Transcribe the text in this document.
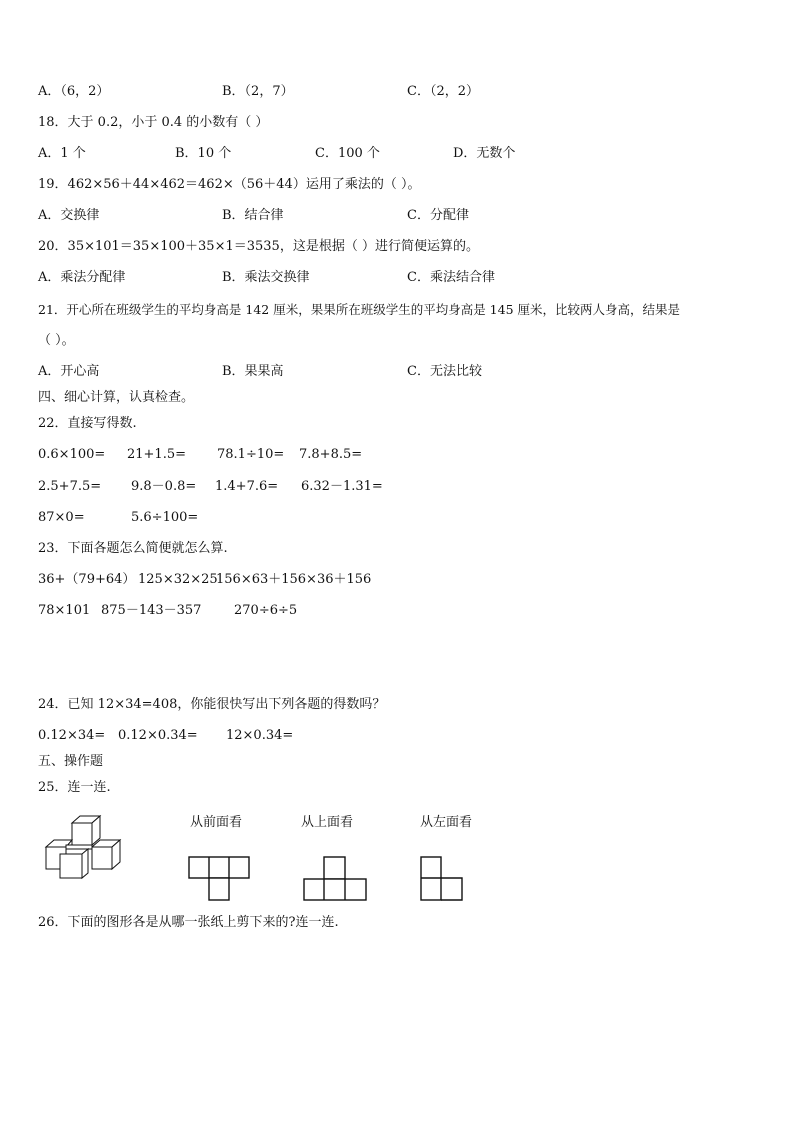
A．（6，2）	B．（2，7）	C．（2，2）
18．大于 0.2，小于 0.4 的小数有（ ）
A．1 个	B．10 个	C．100 个	D．无数个
19．462×56＋44×462＝462×（56＋44）运用了乘法的（ ）。
A．交换律	B．结合律	C．分配律
20．35×101＝35×100＋35×1＝3535，这是根据（ ）进行简便运算的。
A．乘法分配律	B．乘法交换律	C．乘法结合律
21．开心所在班级学生的平均身高是 142 厘米，果果所在班级学生的平均身高是 145 厘米，比较两人身高，结果是
（ ）。
A．开心高	B．果果高	C．无法比较
四、细心计算，认真检查。
22．直接写得数.
0.6×100= 21+1.5= 78.1÷10= 7.8+8.5=
2.5+7.5= 9.8－0.8= 1.4+7.6= 6.32－1.31=
87×0=	5.6÷100=
23．下面各题怎么简便就怎么算.
36+（79+64） 125×32×25
156×63＋156×36＋156
78×101 875－143－357	270÷6÷5
24．已知 12×34=408，你能很快写出下列各题的得数吗？
0.12×34= 0.12×0.34= 12×0.34=
五、操作题
25．连一连.
从前面看	从上面看	从左面看
26．下面的图形各是从哪一张纸上剪下来的?连一连.
